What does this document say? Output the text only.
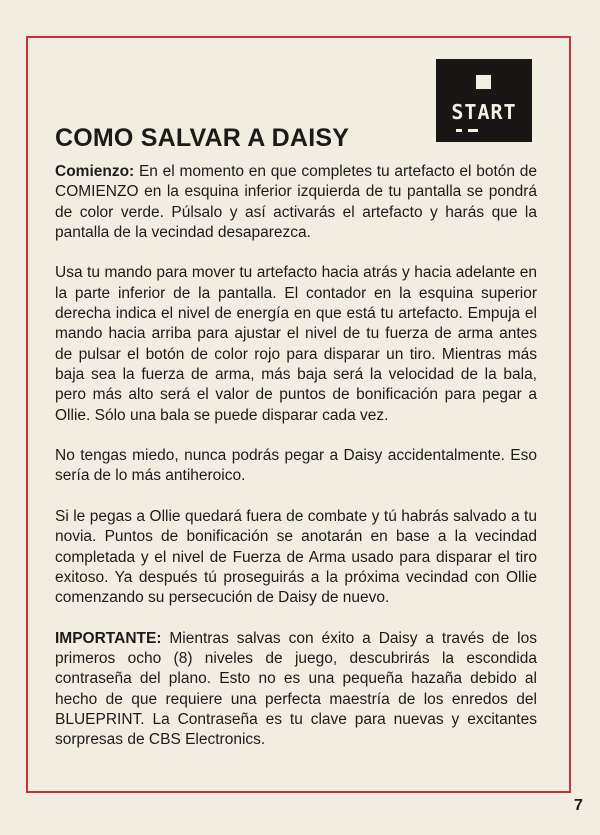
START
COMO SALVAR A DAISY

Comienzo: En el momento en que completes tu artefacto el botón de COMIENZO en la esquina inferior izquierda de tu pantalla se pondrá de color verde. Púlsalo y así activarás el artefacto y harás que la pantalla de la vecindad desaparezca.

Usa tu mando para mover tu artefacto hacia atrás y hacia adelante en la parte inferior de la pantalla. El contador en la esquina superior derecha indica el nivel de energía en que está tu artefacto. Empuja el mando hacia arriba para ajustar el nivel de tu fuerza de arma antes de pulsar el botón de color rojo para disparar un tiro. Mientras más baja sea la fuerza de arma, más baja será la velocidad de la bala, pero más alto será el valor de puntos de bonificación para pegar a Ollie. Sólo una bala se puede disparar cada vez.

No tengas miedo, nunca podrás pegar a Daisy accidentalmente. Eso sería de lo más antiheroico.

Si le pegas a Ollie quedará fuera de combate y tú habrás salvado a tu novia. Puntos de bonificación se anotarán en base a la vecindad completada y el nivel de Fuerza de Arma usado para disparar el tiro exitoso. Ya después tú proseguirás a la próxima vecindad con Ollie comenzando su persecución de Daisy de nuevo.

IMPORTANTE: Mientras salvas con éxito a Daisy a través de los primeros ocho (8) niveles de juego, descubrirás la escondida contraseña del plano. Esto no es una pequeña hazaña debido al hecho de que requiere una perfecta maestría de los enredos del BLUEPRINT. La Contraseña es tu clave para nuevas y excitantes sorpresas de CBS Electronics.

7
